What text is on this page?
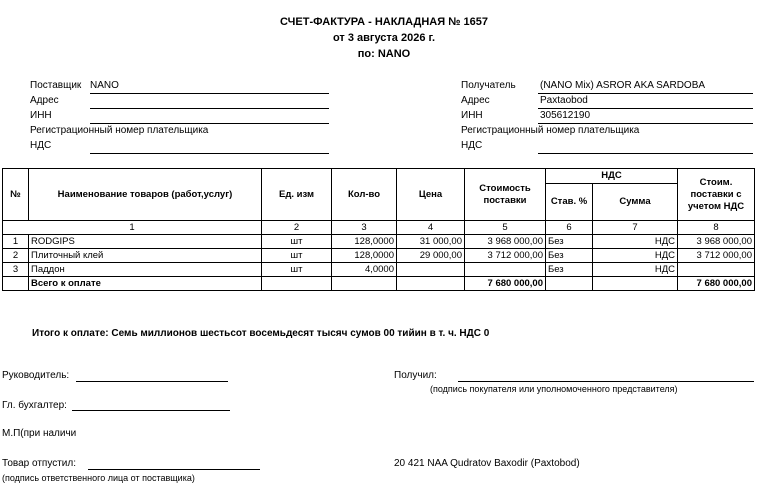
СЧЕТ-ФАКТУРА - НАКЛАДНАЯ № 1657
от 3 августа 2026 г.
по: NANO
Поставщик NANO
Адрес
ИНН
Регистрационный номер плательщика
НДС
Получатель (NANO Mix) ASROR AKA SARDOBA
Адрес	Paxtaobod
ИНН	305612190
Регистрационный номер плательщика
НДС
№	Наименование товаров (работ,услуг)	Ед. изм	Кол-во	Цена	Стоимость поставки	НДС		Стоим. поставки с учетом НДС
						Став. %	Сумма	
1		2	3	4	5	6	7	8
1	RODGIPS	шт	128,0000	31 000,00	3 968 000,00	Без	НДС	3 968 000,00
2	Плиточный клей	шт	128,0000	29 000,00	3 712 000,00	Без	НДС	3 712 000,00
3	Паддон	шт	4,0000			Без	НДС	
	Всего к оплате				7 680 000,00			7 680 000,00
Итого к оплате: Семь миллионов шестьсот восемьдесят тысяч сумов 00 тийин в т. ч. НДС 0
Руководитель:	Получил:
(подпись покупателя или уполномоченного представителя)
Гл. бухгалтер:
М.П(при наличи
Товар отпустил:
(подпись ответственного лица от поставщика)
20 421 NAA Qudratov Baxodir (Paxtobod)
